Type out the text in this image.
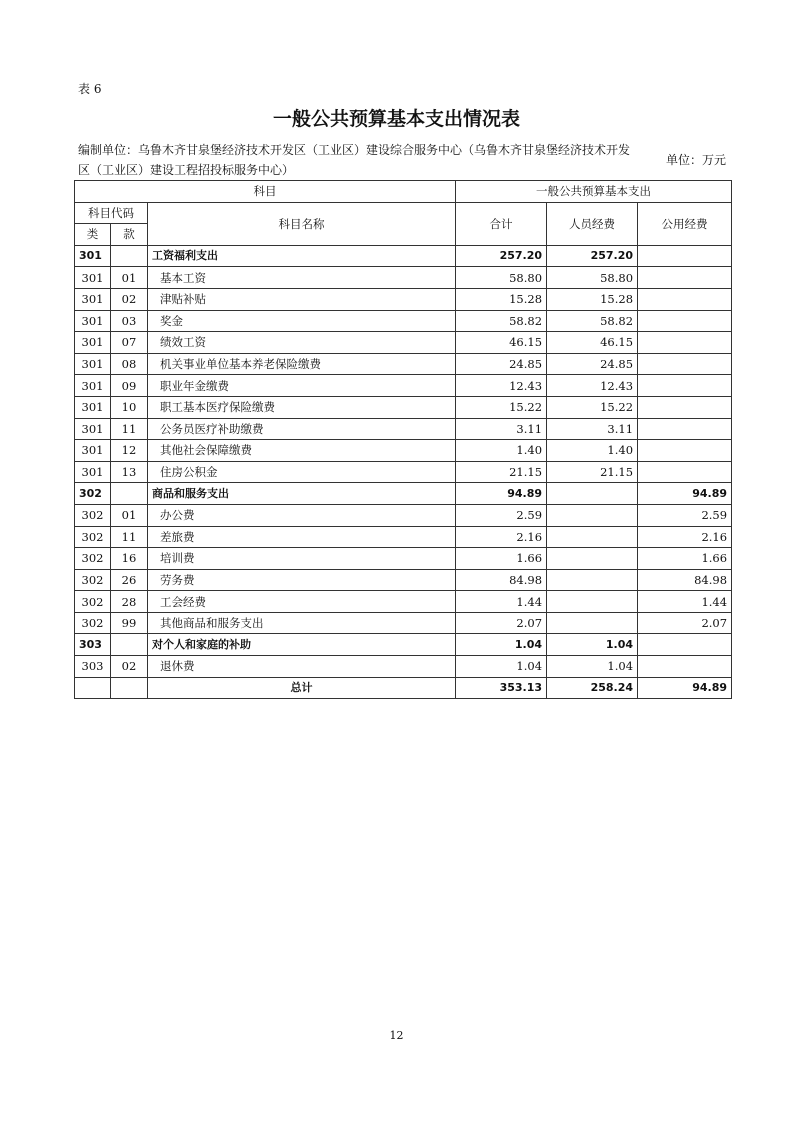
表 6
一般公共预算基本支出情况表
编制单位：乌鲁木齐甘泉堡经济技术开发区（工业区）建设综合服务中心（乌鲁木齐甘泉堡经济技术开发区（工业区）建设工程招投标服务中心）
单位：万元
科目			一般公共预算基本支出		
科目代码		科目名称	合计	人员经费	公用经费
类	款				
301		工资福利支出	257.20	257.20	
301	01	基本工资	58.80	58.80	
301	02	津贴补贴	15.28	15.28	
301	03	奖金	58.82	58.82	
301	07	绩效工资	46.15	46.15	
301	08	机关事业单位基本养老保险缴费	24.85	24.85	
301	09	职业年金缴费	12.43	12.43	
301	10	职工基本医疗保险缴费	15.22	15.22	
301	11	公务员医疗补助缴费	3.11	3.11	
301	12	其他社会保障缴费	1.40	1.40	
301	13	住房公积金	21.15	21.15	
302		商品和服务支出	94.89		94.89
302	01	办公费	2.59		2.59
302	11	差旅费	2.16		2.16
302	16	培训费	1.66		1.66
302	26	劳务费	84.98		84.98
302	28	工会经费	1.44		1.44
302	99	其他商品和服务支出	2.07		2.07
303		对个人和家庭的补助	1.04	1.04	
303	02	退休费	1.04	1.04	
		总计	353.13	258.24	94.89
12
